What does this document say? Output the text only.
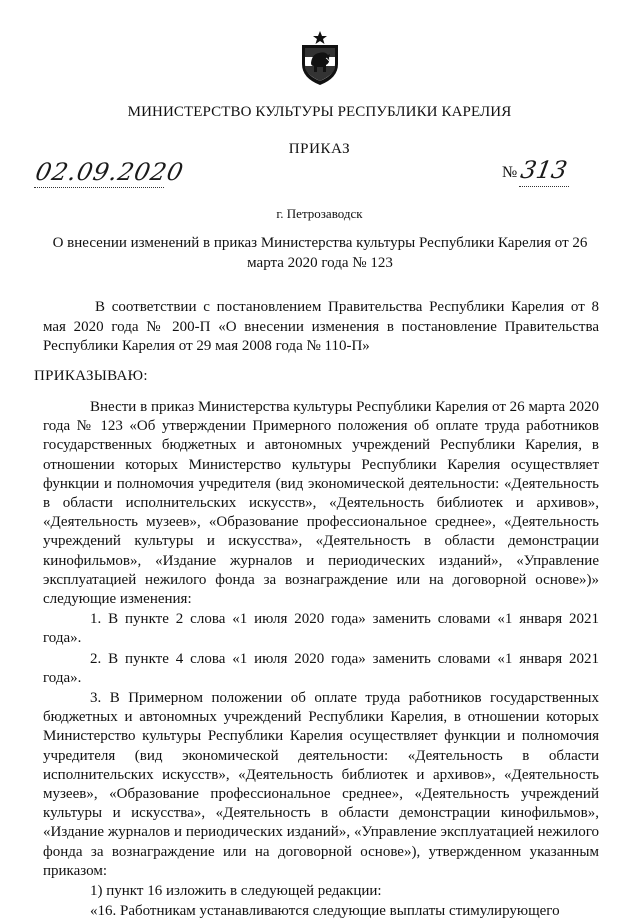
МИНИСТЕРСТВО КУЛЬТУРЫ РЕСПУБЛИКИ КАРЕЛИЯ
ПРИКАЗ
02.09.2020	№ 313
г. Петрозаводск
О внесении изменений в приказ Министерства культуры Республики Карелия от 26 марта 2020 года № 123
В соответствии с постановлением Правительства Республики Карелия от 8 мая 2020 года № 200-П «О внесении изменения в постановление Правительства Республики Карелия от 29 мая 2008 года № 110-П»
ПРИКАЗЫВАЮ:

Внести в приказ Министерства культуры Республики Карелия от 26 марта 2020 года № 123 «Об утверждении Примерного положения об оплате труда работников государственных бюджетных и автономных учреждений Республики Карелия, в отношении которых Министерство культуры Республики Карелия осуществляет функции и полномочия учредителя (вид экономической деятельности: «Деятельность в области исполнительских искусств», «Деятельность библиотек и архивов», «Деятельность музеев», «Образование профессиональное среднее», «Деятельность учреждений культуры и искусства», «Деятельность в области демонстрации кинофильмов», «Издание журналов и периодических изданий», «Управление эксплуатацией нежилого фонда за вознаграждение или на договорной основе»)» следующие изменения:

1. В пункте 2 слова «1 июля 2020 года» заменить словами «1 января 2021 года».

2. В пункте 4 слова «1 июля 2020 года» заменить словами «1 января 2021 года».

3. В Примерном положении об оплате труда работников государственных бюджетных и автономных учреждений Республики Карелия, в отношении которых Министерство культуры Республики Карелия осуществляет функции и полномочия учредителя (вид экономической деятельности: «Деятельность в области исполнительских искусств», «Деятельность библиотек и архивов», «Деятельность музеев», «Образование профессиональное среднее», «Деятельность учреждений культуры и искусства», «Деятельность в области демонстрации кинофильмов», «Издание журналов и периодических изданий», «Управление эксплуатацией нежилого фонда за вознаграждение или на договорной основе»), утвержденном указанным приказом:

1) пункт 16 изложить в следующей редакции:

«16. Работникам устанавливаются следующие выплаты стимулирующего
